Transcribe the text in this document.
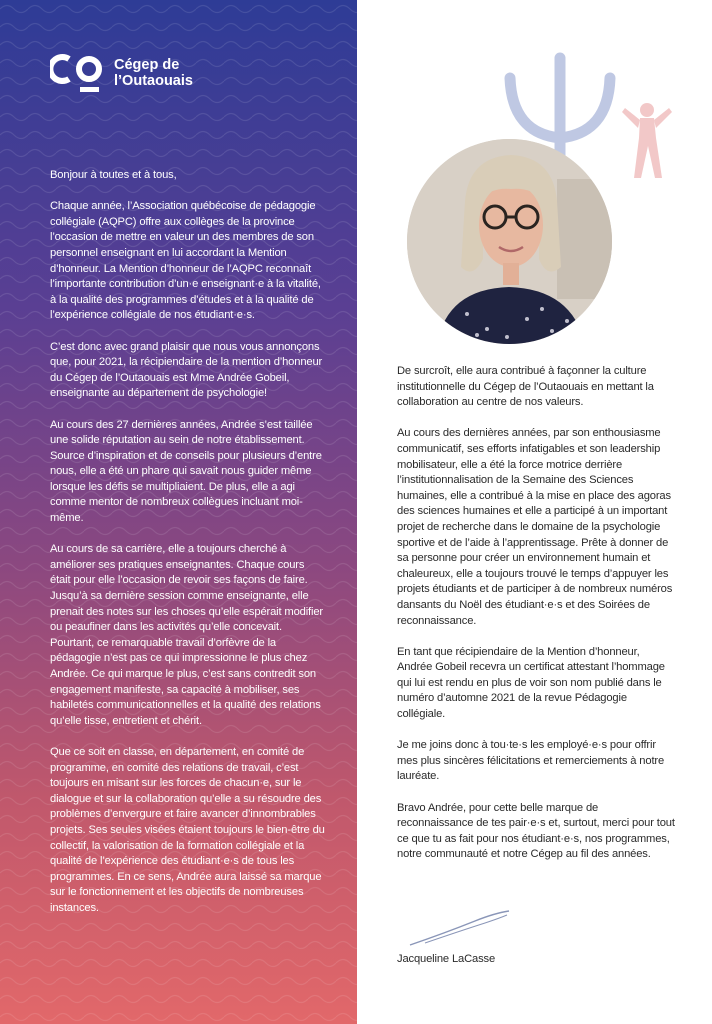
Cégep de
l’Outaouais

Bonjour à toutes et à tous,

Chaque année, l’Association québécoise de pédagogie collégiale (AQPC) offre aux collèges de la province l’occasion de mettre en valeur un des membres de son personnel enseignant en lui accordant la Mention d’honneur. La Mention d’honneur de l’AQPC reconnaît l’importante contribution d’un·e enseignant·e à la vitalité, à la qualité des programmes d’études et à la qualité de l’expérience collégiale de nos étudiant·e·s.

C’est donc avec grand plaisir que nous vous annonçons que, pour 2021, la récipiendaire de la mention d’honneur du Cégep de l’Outaouais est Mme Andrée Gobeil, enseignante au département de psychologie!

Au cours des 27 dernières années, Andrée s’est taillée une solide réputation au sein de notre établissement. Source d’inspiration et de conseils pour plusieurs d’entre nous, elle a été un phare qui savait nous guider même lorsque les défis se multipliaient. De plus, elle a agi comme mentor de nombreux collègues incluant moi-même.

Au cours de sa carrière, elle a toujours cherché à améliorer ses pratiques enseignantes. Chaque cours était pour elle l’occasion de revoir ses façons de faire. Jusqu’à sa dernière session comme enseignante, elle prenait des notes sur les choses qu’elle espérait modifier ou peaufiner dans les activités qu’elle concevait. Pourtant, ce remarquable travail d’orfèvre de la pédagogie n’est pas ce qui impressionne le plus chez Andrée. Ce qui marque le plus, c’est sans contredit son engagement manifeste, sa capacité à mobiliser, ses habiletés communicationnelles et la qualité des relations qu’elle tisse, entretient et chérit.

Que ce soit en classe, en département, en comité de programme, en comité des relations de travail, c’est toujours en misant sur les forces de chacun·e, sur le dialogue et sur la collaboration qu’elle a su résoudre des problèmes d’envergure et faire avancer d’innombrables projets. Ses seules visées étaient toujours le bien-être du collectif, la valorisation de la formation collégiale et la qualité de l’expérience des étudiant·e·s de tous les programmes. En ce sens, Andrée aura laissé sa marque sur le fonctionnement et les objectifs de nombreuses instances.

De surcroît, elle aura contribué à façonner la culture institutionnelle du Cégep de l’Outaouais en mettant la collaboration au centre de nos valeurs.

Au cours des dernières années, par son enthousiasme communicatif, ses efforts infatigables et son leadership mobilisateur, elle a été la force motrice derrière l’institutionnalisation de la Semaine des Sciences humaines, elle a contribué à la mise en place des agoras des sciences humaines et elle a participé à un important projet de recherche dans le domaine de la psychologie sportive et de l’aide à l’apprentissage. Prête à donner de sa personne pour créer un environnement humain et chaleureux, elle a toujours trouvé le temps d’appuyer les projets étudiants et de participer à de nombreux numéros dansants du Noël des étudiant·e·s et des Soirées de reconnaissance.

En tant que récipiendaire de la Mention d’honneur, Andrée Gobeil recevra un certificat attestant l’hommage qui lui est rendu en plus de voir son nom publié dans le numéro d’automne 2021 de la revue Pédagogie collégiale.

Je me joins donc à tou·te·s les employé·e·s pour offrir mes plus sincères félicitations et remerciements à notre lauréate.

Bravo Andrée, pour cette belle marque de reconnaissance de tes pair·e·s et, surtout, merci pour tout ce que tu as fait pour nos étudiant·e·s, nos programmes, notre communauté et notre Cégep au fil des années.

Jacqueline LaCasse
